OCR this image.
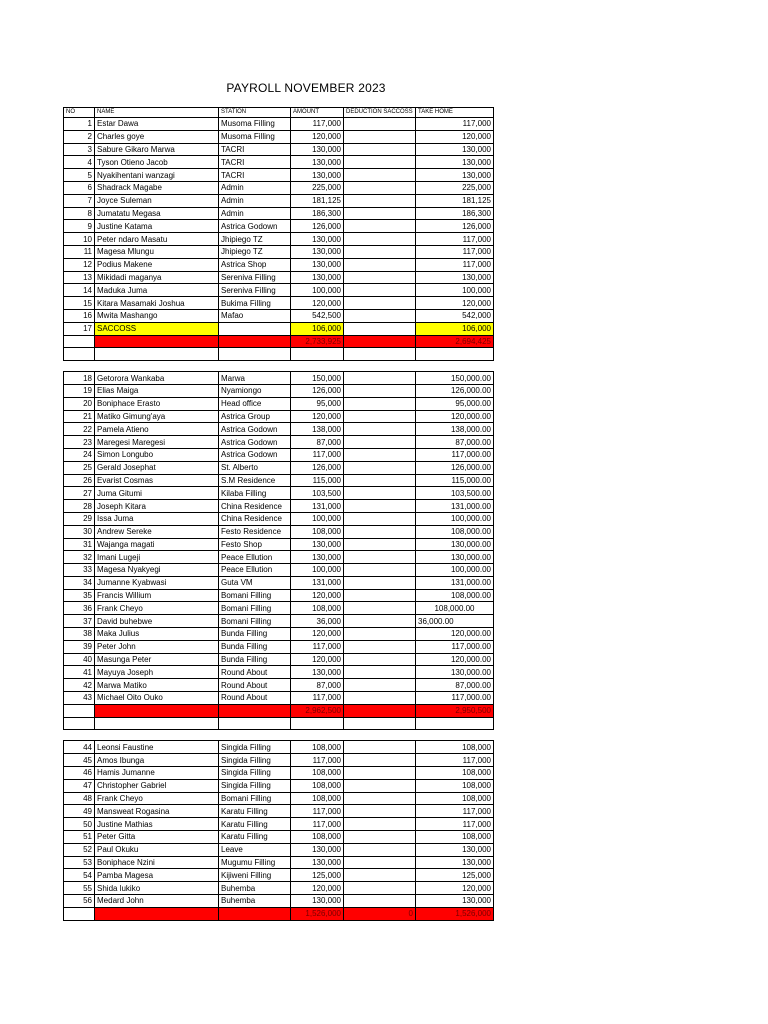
PAYROLL NOVEMBER 2023
NO	NAME	STATION	AMOUNT	DEDUCTION SACCOSS	TAKE HOME
1	Estar Dawa	Musoma Filling	117,000		117,000
2	Charles goye	Musoma Filling	120,000		120,000
3	Sabure Gikaro Marwa	TACRI	130,000		130,000
4	Tyson Otieno Jacob	TACRI	130,000		130,000
5	Nyakihentani wanzagi	TACRI	130,000		130,000
6	Shadrack Magabe	Admin	225,000		225,000
7	Joyce Suleman	Admin	181,125		181,125
8	Jumatatu Megasa	Admin	186,300		186,300
9	Justine Katama	Astrica Godown	126,000		126,000
10	Peter ndaro Masatu	Jhipiego TZ	130,000		117,000
11	Magesa Mlungu	Jhipiego TZ	130,000		117,000
12	Podius Makene	Astrica Shop	130,000		117,000
13	Mikidadi maganya	Sereniva Filling	130,000		130,000
14	Maduka Juma	Sereniva Filling	100,000		100,000
15	Kitara Masamaki Joshua	Bukima Filling	120,000		120,000
16	Mwita Mashango	Mafao	542,500		542,000
17	SACCOSS		106,000		106,000
			2,733,925		2,694,425

18	Getorora Wankaba	Marwa	150,000		150,000.00
19	Elias Maiga	Nyamiongo	126,000		126,000.00
20	Boniphace Erasto	Head office	95,000		95,000.00
21	Matiko Gimung'aya	Astrica Group	120,000		120,000.00
22	Pamela Atieno	Astrica Godown	138,000		138,000.00
23	Maregesi Maregesi	Astrica Godown	87,000		87,000.00
24	Simon Longubo	Astrica Godown	117,000		117,000.00
25	Gerald Josephat	St. Alberto	126,000		126,000.00
26	Evarist Cosmas	S.M Residence	115,000		115,000.00
27	Juma Gitumi	Kilaba Filling	103,500		103,500.00
28	Joseph Kitara	China Residence	131,000		131,000.00
29	Issa Juma	China Residence	100,000		100,000.00
30	Andrew Sereke	Festo Residence	108,000		108,000.00
31	Wajanga magati	Festo Shop	130,000		130,000.00
32	Imani Lugeji	Peace Ellution	130,000		130,000.00
33	Magesa Nyakyegi	Peace Ellution	100,000		100,000.00
34	Jumanne Kyabwasi	Guta VM	131,000		131,000.00
35	Francis Willium	Bomani Filling	120,000		108,000.00
36	Frank Cheyo	Bomani Filling	108,000		108,000.00
37	David buhebwe	Bomani Filling	36,000		36,000.00
38	Maka Julius	Bunda Filling	120,000		120,000.00
39	Peter John	Bunda Filling	117,000		117,000.00
40	Masunga Peter	Bunda Filling	120,000		120,000.00
41	Mayuya Joseph	Round About	130,000		130,000.00
42	Marwa Matiko	Round About	87,000		87,000.00
43	Michael Oito Ouko	Round About	117,000		117,000.00
			2,962,500		2,950,500

44	Leonsi Faustine	Singida Filling	108,000		108,000
45	Amos Ibunga	Singida Filling	117,000		117,000
46	Hamis Jumanne	Singida Filling	108,000		108,000
47	Christopher Gabriel	Singida Filling	108,000		108,000
48	Frank Cheyo	Bomani Filling	108,000		108,000
49	Mansweat Rogasina	Karatu Filling	117,000		117,000
50	Justine Mathias	Karatu Filling	117,000		117,000
51	Peter Gitta	Karatu Filling	108,000		108,000
52	Paul Okuku	Leave	130,000		130,000
53	Boniphace Nzini	Mugumu Filling	130,000		130,000
54	Pamba Magesa	Kijiweni Filling	125,000		125,000
55	Shida lukiko	Buhemba	120,000		120,000
56	Medard John	Buhemba	130,000		130,000
			1,526,000	0	1,526,000
